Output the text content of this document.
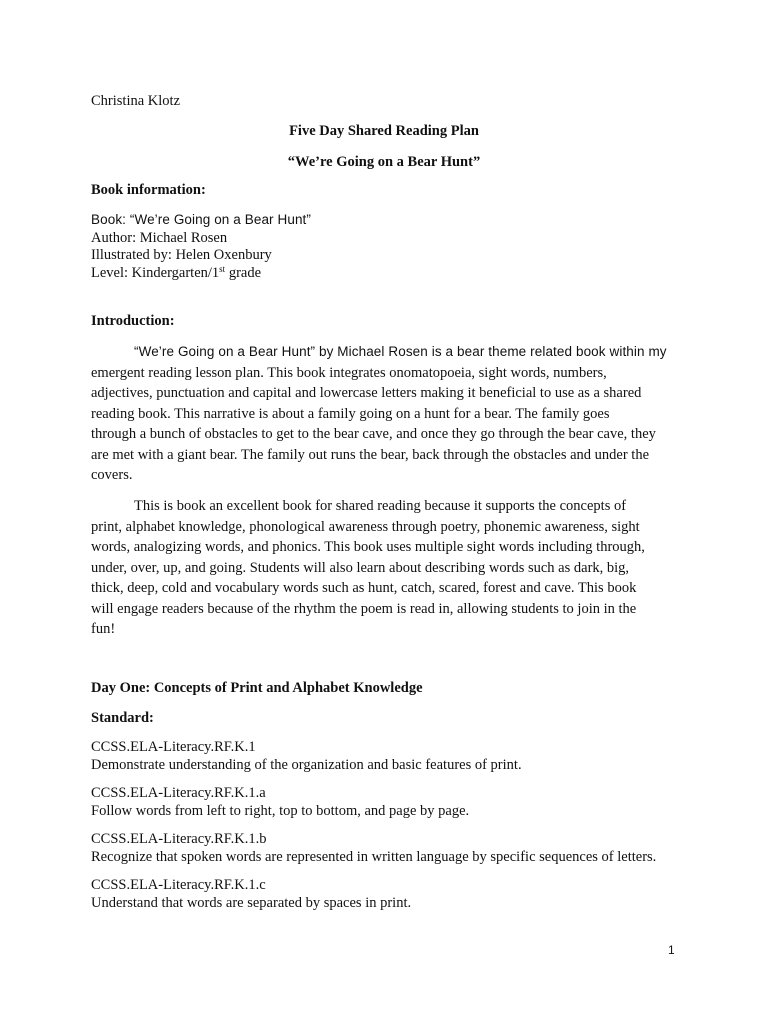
Christina Klotz
Five Day Shared Reading Plan
“We’re Going on a Bear Hunt”
Book information:
Book: “We’re Going on a Bear Hunt”
Author: Michael Rosen
Illustrated by: Helen Oxenbury
Level: Kindergarten/1st grade
Introduction:
“We’re Going on a Bear Hunt” by Michael Rosen is a bear theme related book within my
emergent reading lesson plan. This book integrates onomatopoeia, sight words, numbers,
adjectives, punctuation and capital and lowercase letters making it beneficial to use as a shared
reading book. This narrative is about a family going on a hunt for a bear. The family goes
through a bunch of obstacles to get to the bear cave, and once they go through the bear cave, they
are met with a giant bear. The family out runs the bear, back through the obstacles and under the
covers.
This is book an excellent book for shared reading because it supports the concepts of
print, alphabet knowledge, phonological awareness through poetry, phonemic awareness, sight
words, analogizing words, and phonics. This book uses multiple sight words including through,
under, over, up, and going. Students will also learn about describing words such as dark, big,
thick, deep, cold and vocabulary words such as hunt, catch, scared, forest and cave. This book
will engage readers because of the rhythm the poem is read in, allowing students to join in the
fun!
Day One: Concepts of Print and Alphabet Knowledge
Standard:
CCSS.ELA-Literacy.RF.K.1
Demonstrate understanding of the organization and basic features of print.
CCSS.ELA-Literacy.RF.K.1.a
Follow words from left to right, top to bottom, and page by page.
CCSS.ELA-Literacy.RF.K.1.b
Recognize that spoken words are represented in written language by specific sequences of letters.
CCSS.ELA-Literacy.RF.K.1.c
Understand that words are separated by spaces in print.
1
